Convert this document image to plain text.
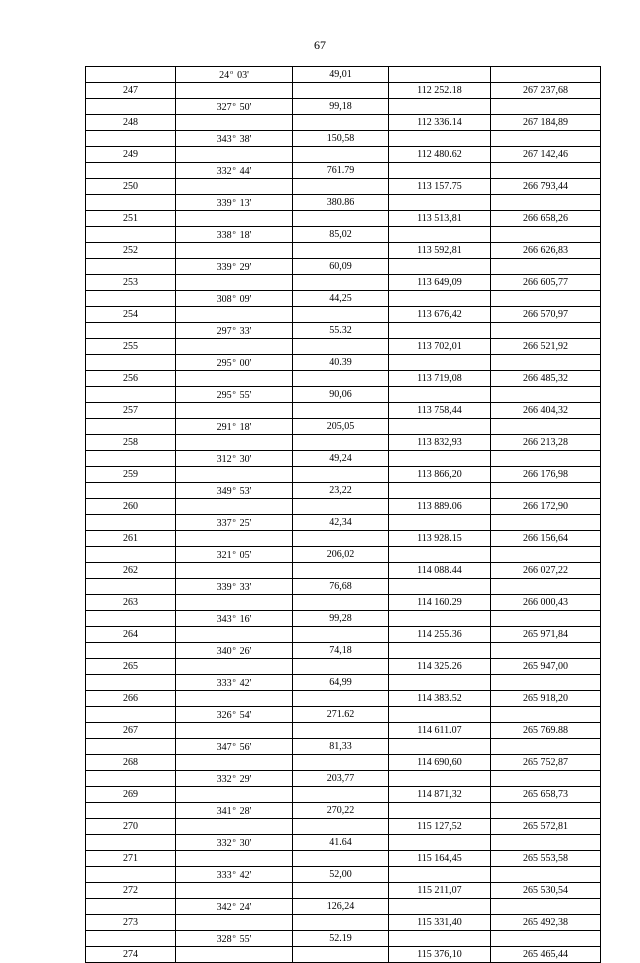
67
	24$^o$ 03'	49,01		
247			112 252.18	267 237,68
	327$^o$ 50'	99,18		
248			112 336.14	267 184,89
	343$^o$ 38'	150,58		
249			112 480.62	267 142,46
	332$^o$ 44'	761.79		
250			113 157.75	266 793,44
	339$^o$ 13'	380.86		
251			113 513,81	266 658,26
	338$^o$ 18'	85,02		
252			113 592,81	266 626,83
	339$^o$ 29'	60,09		
253			113 649,09	266 605,77
	308$^o$ 09'	44,25		
254			113 676,42	266 570,97
	297$^o$ 33'	55.32		
255			113 702,01	266 521,92
	295$^o$ 00'	40.39		
256			113 719,08	266 485,32
	295$^o$ 55'	90,06		
257			113 758,44	266 404,32
	291$^o$ 18'	205,05		
258			113 832,93	266 213,28
	312$^o$ 30'	49,24		
259			113 866,20	266 176,98
	349$^o$ 53'	23,22		
260			113 889.06	266 172,90
	337$^o$ 25'	42,34		
261			113 928.15	266 156,64
	321$^o$ 05'	206,02		
262			114 088.44	266 027,22
	339$^o$ 33'	76,68		
263			114 160.29	266 000,43
	343$^o$ 16'	99,28		
264			114 255.36	265 971,84
	340$^o$ 26'	74,18		
265			114 325.26	265 947,00
	333$^o$ 42'	64,99		
266			114 383.52	265 918,20
	326$^o$ 54'	271.62		
267			114 611.07	265 769.88
	347$^o$ 56'	81,33		
268			114 690,60	265 752,87
	332$^o$ 29'	203,77		
269			114 871,32	265 658,73
	341$^o$ 28'	270,22		
270			115 127,52	265 572,81
	332$^o$ 30'	41.64		
271			115 164,45	265 553,58
	333$^o$ 42'	52,00		
272			115 211,07	265 530,54
	342$^o$ 24'	126,24		
273			115 331,40	265 492,38
	328$^o$ 55'	52.19		
274			115 376,10	265 465,44
